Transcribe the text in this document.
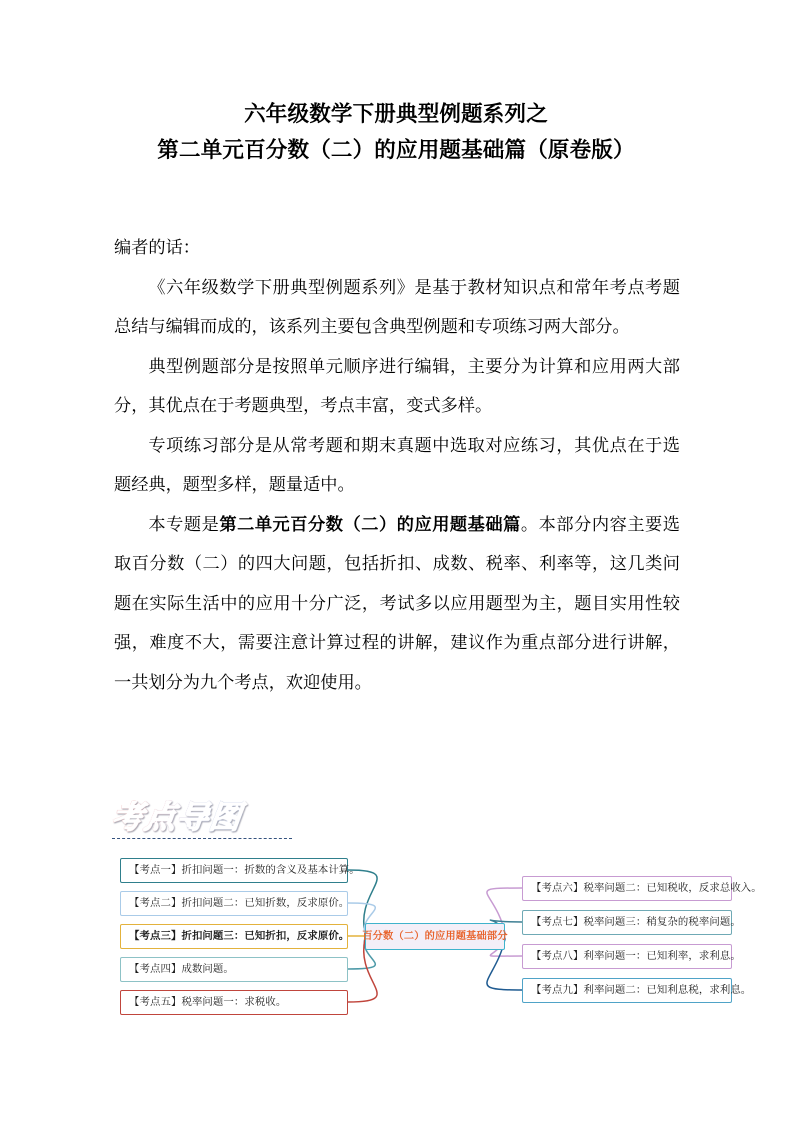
六年级数学下册典型例题系列之
第二单元百分数（二）的应用题基础篇（原卷版）

编者的话：

《六年级数学下册典型例题系列》是基于教材知识点和常年考点考题总结与编辑而成的，该系列主要包含典型例题和专项练习两大部分。

典型例题部分是按照单元顺序进行编辑，主要分为计算和应用两大部分，其优点在于考题典型，考点丰富，变式多样。

专项练习部分是从常考题和期末真题中选取对应练习，其优点在于选题经典，题型多样，题量适中。

本专题是第二单元百分数（二）的应用题基础篇。本部分内容主要选取百分数（二）的四大问题，包括折扣、成数、税率、利率等，这几类问题在实际生活中的应用十分广泛，考试多以应用题型为主，题目实用性较强，难度不大，需要注意计算过程的讲解，建议作为重点部分进行讲解，一共划分为九个考点，欢迎使用。

考点导图
【考点一】折扣问题一：折数的含义及基本计算。
【考点二】折扣问题二：已知折数，反求原价。
【考点三】折扣问题三：已知折扣，反求原价。
【考点四】成数问题。
【考点五】税率问题一：求税收。
百分数（二）的应用题基础部分
【考点六】税率问题二：已知税收，反求总收入。
【考点七】税率问题三：稍复杂的税率问题。
【考点八】利率问题一：已知利率，求利息。
【考点九】利率问题二：已知利息税，求利息。
